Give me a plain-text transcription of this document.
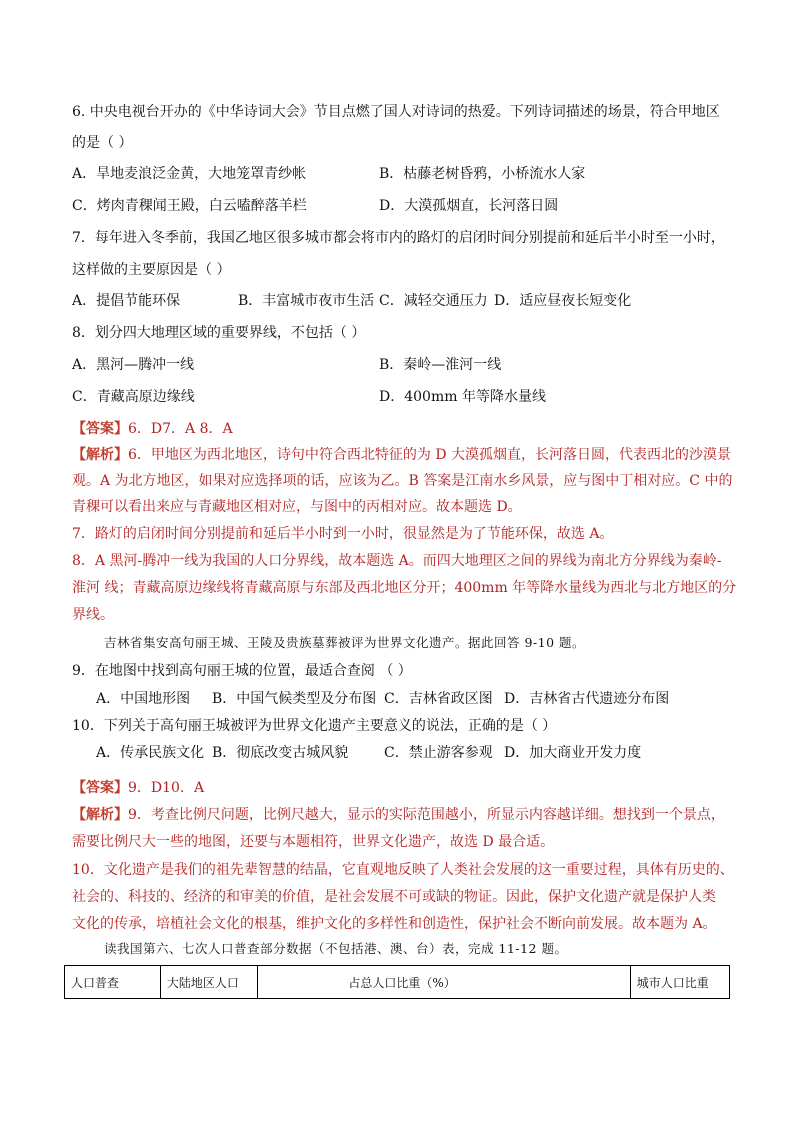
6. 中央电视台开办的《中华诗词大会》节目点燃了国人对诗词的热爱。下列诗词描述的场景，符合甲地区
的是（ ）
A．旱地麦浪泛金黄，大地笼罩青纱帐	B．枯藤老树昏鸦，小桥流水人家
C．烤肉青稞闻王殿，白云嗑醉落羊栏	D．大漠孤烟直，长河落日圆
7．每年进入冬季前，我国乙地区很多城市都会将市内的路灯的启闭时间分别提前和延后半小时至一小时，
这样做的主要原因是（ ）
A．提倡节能环保	B．丰富城市夜市生活 C．减轻交通压力 D．适应昼夜长短变化
8．划分四大地理区域的重要界线，不包括（ ）
A．黑河—腾冲一线	B．秦岭—淮河一线
C．青藏高原边缘线	D．400mm 年等降水量线
【答案】6．D7．A 8．A
【解析】6．甲地区为西北地区，诗句中符合西北特征的为 D 大漠孤烟直，长河落日圆，代表西北的沙漠景
观。A 为北方地区，如果对应选择项的话，应该为乙。B 答案是江南水乡风景，应与图中丁相对应。C 中的
青稞可以看出来应与青藏地区相对应，与图中的丙相对应。故本题选 D。
7．路灯的启闭时间分别提前和延后半小时到一小时，很显然是为了节能环保，故选 A。
8．A 黑河-腾冲一线为我国的人口分界线，故本题选 A。而四大地理区之间的界线为南北方分界线为秦岭-
淮河 线；青藏高原边缘线将青藏高原与东部及西北地区分开；400mm 年等降水量线为西北与北方地区的分
界线。
吉林省集安高句丽王城、王陵及贵族墓葬被评为世界文化遗产。据此回答 9-10 题。
9．在地图中找到高句丽王城的位置，最适合查阅 （ ）
A．中国地形图 B．中国气候类型及分布图 C．吉林省政区图 D．吉林省古代遗迹分布图
10．下列关于高句丽王城被评为世界文化遗产主要意义的说法，正确的是（ ）
A．传承民族文化 B．彻底改变古城风貌	C．禁止游客参观 D．加大商业开发力度
【答案】9．D10．A
【解析】9．考查比例尺问题，比例尺越大，显示的实际范围越小，所显示内容越详细。想找到一个景点，
需要比例尺大一些的地图，还要与本题相符，世界文化遗产，故选 D 最合适。
10．文化遗产是我们的祖先辈智慧的结晶，它直观地反映了人类社会发展的这一重要过程，具体有历史的、
社会的、科技的、经济的和审美的价值，是社会发展不可或缺的物证。因此，保护文化遗产就是保护人类
文化的传承，培植社会文化的根基，维护文化的多样性和创造性，保护社会不断向前发展。故本题为 A。
读我国第六、七次人口普查部分数据（不包括港、澳、台）表，完成 11-12 题。
人口普查	大陆地区人口	占总人口比重（%）	城市人口比重
